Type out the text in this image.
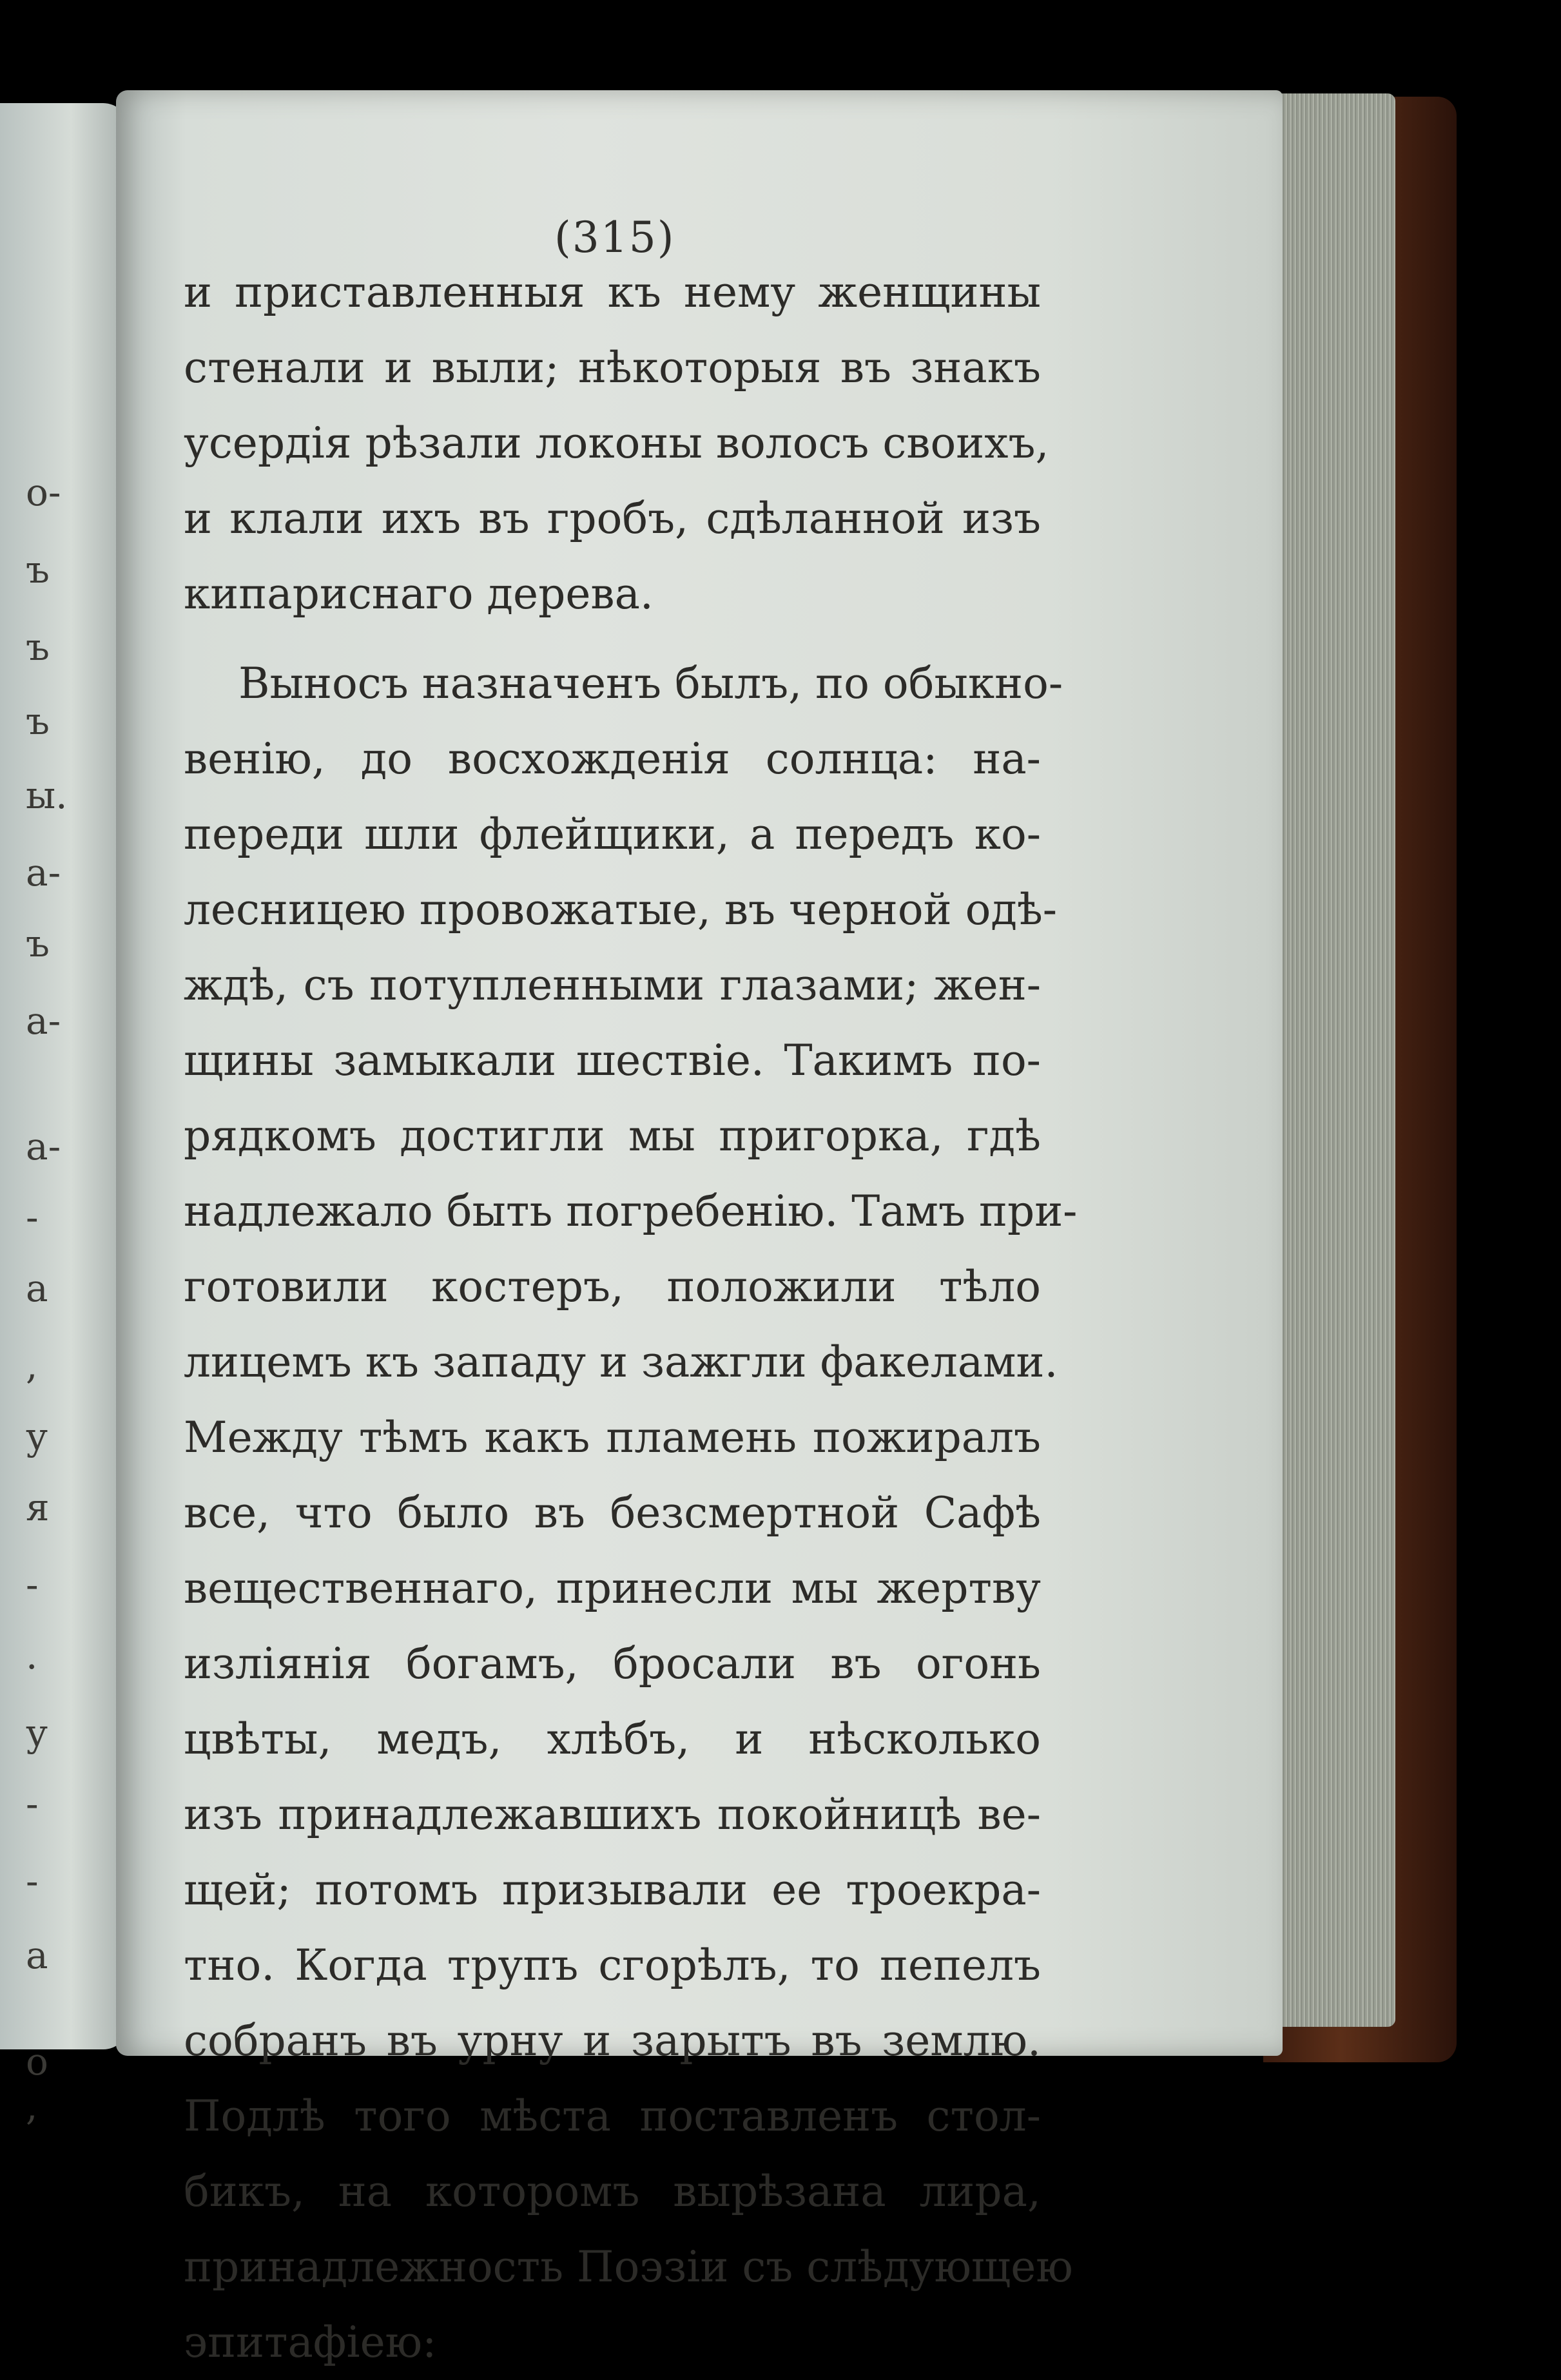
о-
ъ
ъ
ъ
ы.
а-
ъ
а-
а-
-
а
,
у
я
-
.
у
-
-
а
о
,
(315)
и приставленныя къ нему женщины
стенали и выли; нѣкоторыя въ знакъ
усердія рѣзали локоны волосъ своихъ,
и клали ихъ въ гробъ, сдѣланной изъ
кипариснаго дерева.
Выносъ назначенъ былъ, по обыкно-
венію, до восхожденія солнца: на-
переди шли флейщики, а передъ ко-
лесницею провожатые, въ черной одѣ-
ждѣ, съ потупленными глазами; жен-
щины замыкали шествіе. Такимъ по-
рядкомъ достигли мы пригорка, гдѣ
надлежало быть погребенію. Тамъ при-
готовили костеръ, положили тѣло
лицемъ къ западу и зажгли факелами.
Между тѣмъ какъ пламень пожиралъ
все, что было въ безсмертной Сафѣ
вещественнаго, принесли мы жертву
изліянія богамъ, бросали въ огонь
цвѣты, медъ, хлѣбъ, и нѣсколько
изъ принадлежавшихъ покойницѣ ве-
щей; потомъ призывали ее троекра-
тно. Когда трупъ сгорѣлъ, то пепелъ
собранъ въ урну и зарытъ въ землю.
Подлѣ того мѣста поставленъ стол-
бикъ, на которомъ вырѣзана лира,
принадлежность Поэзіи съ слѣдующею
эпитафіею:
